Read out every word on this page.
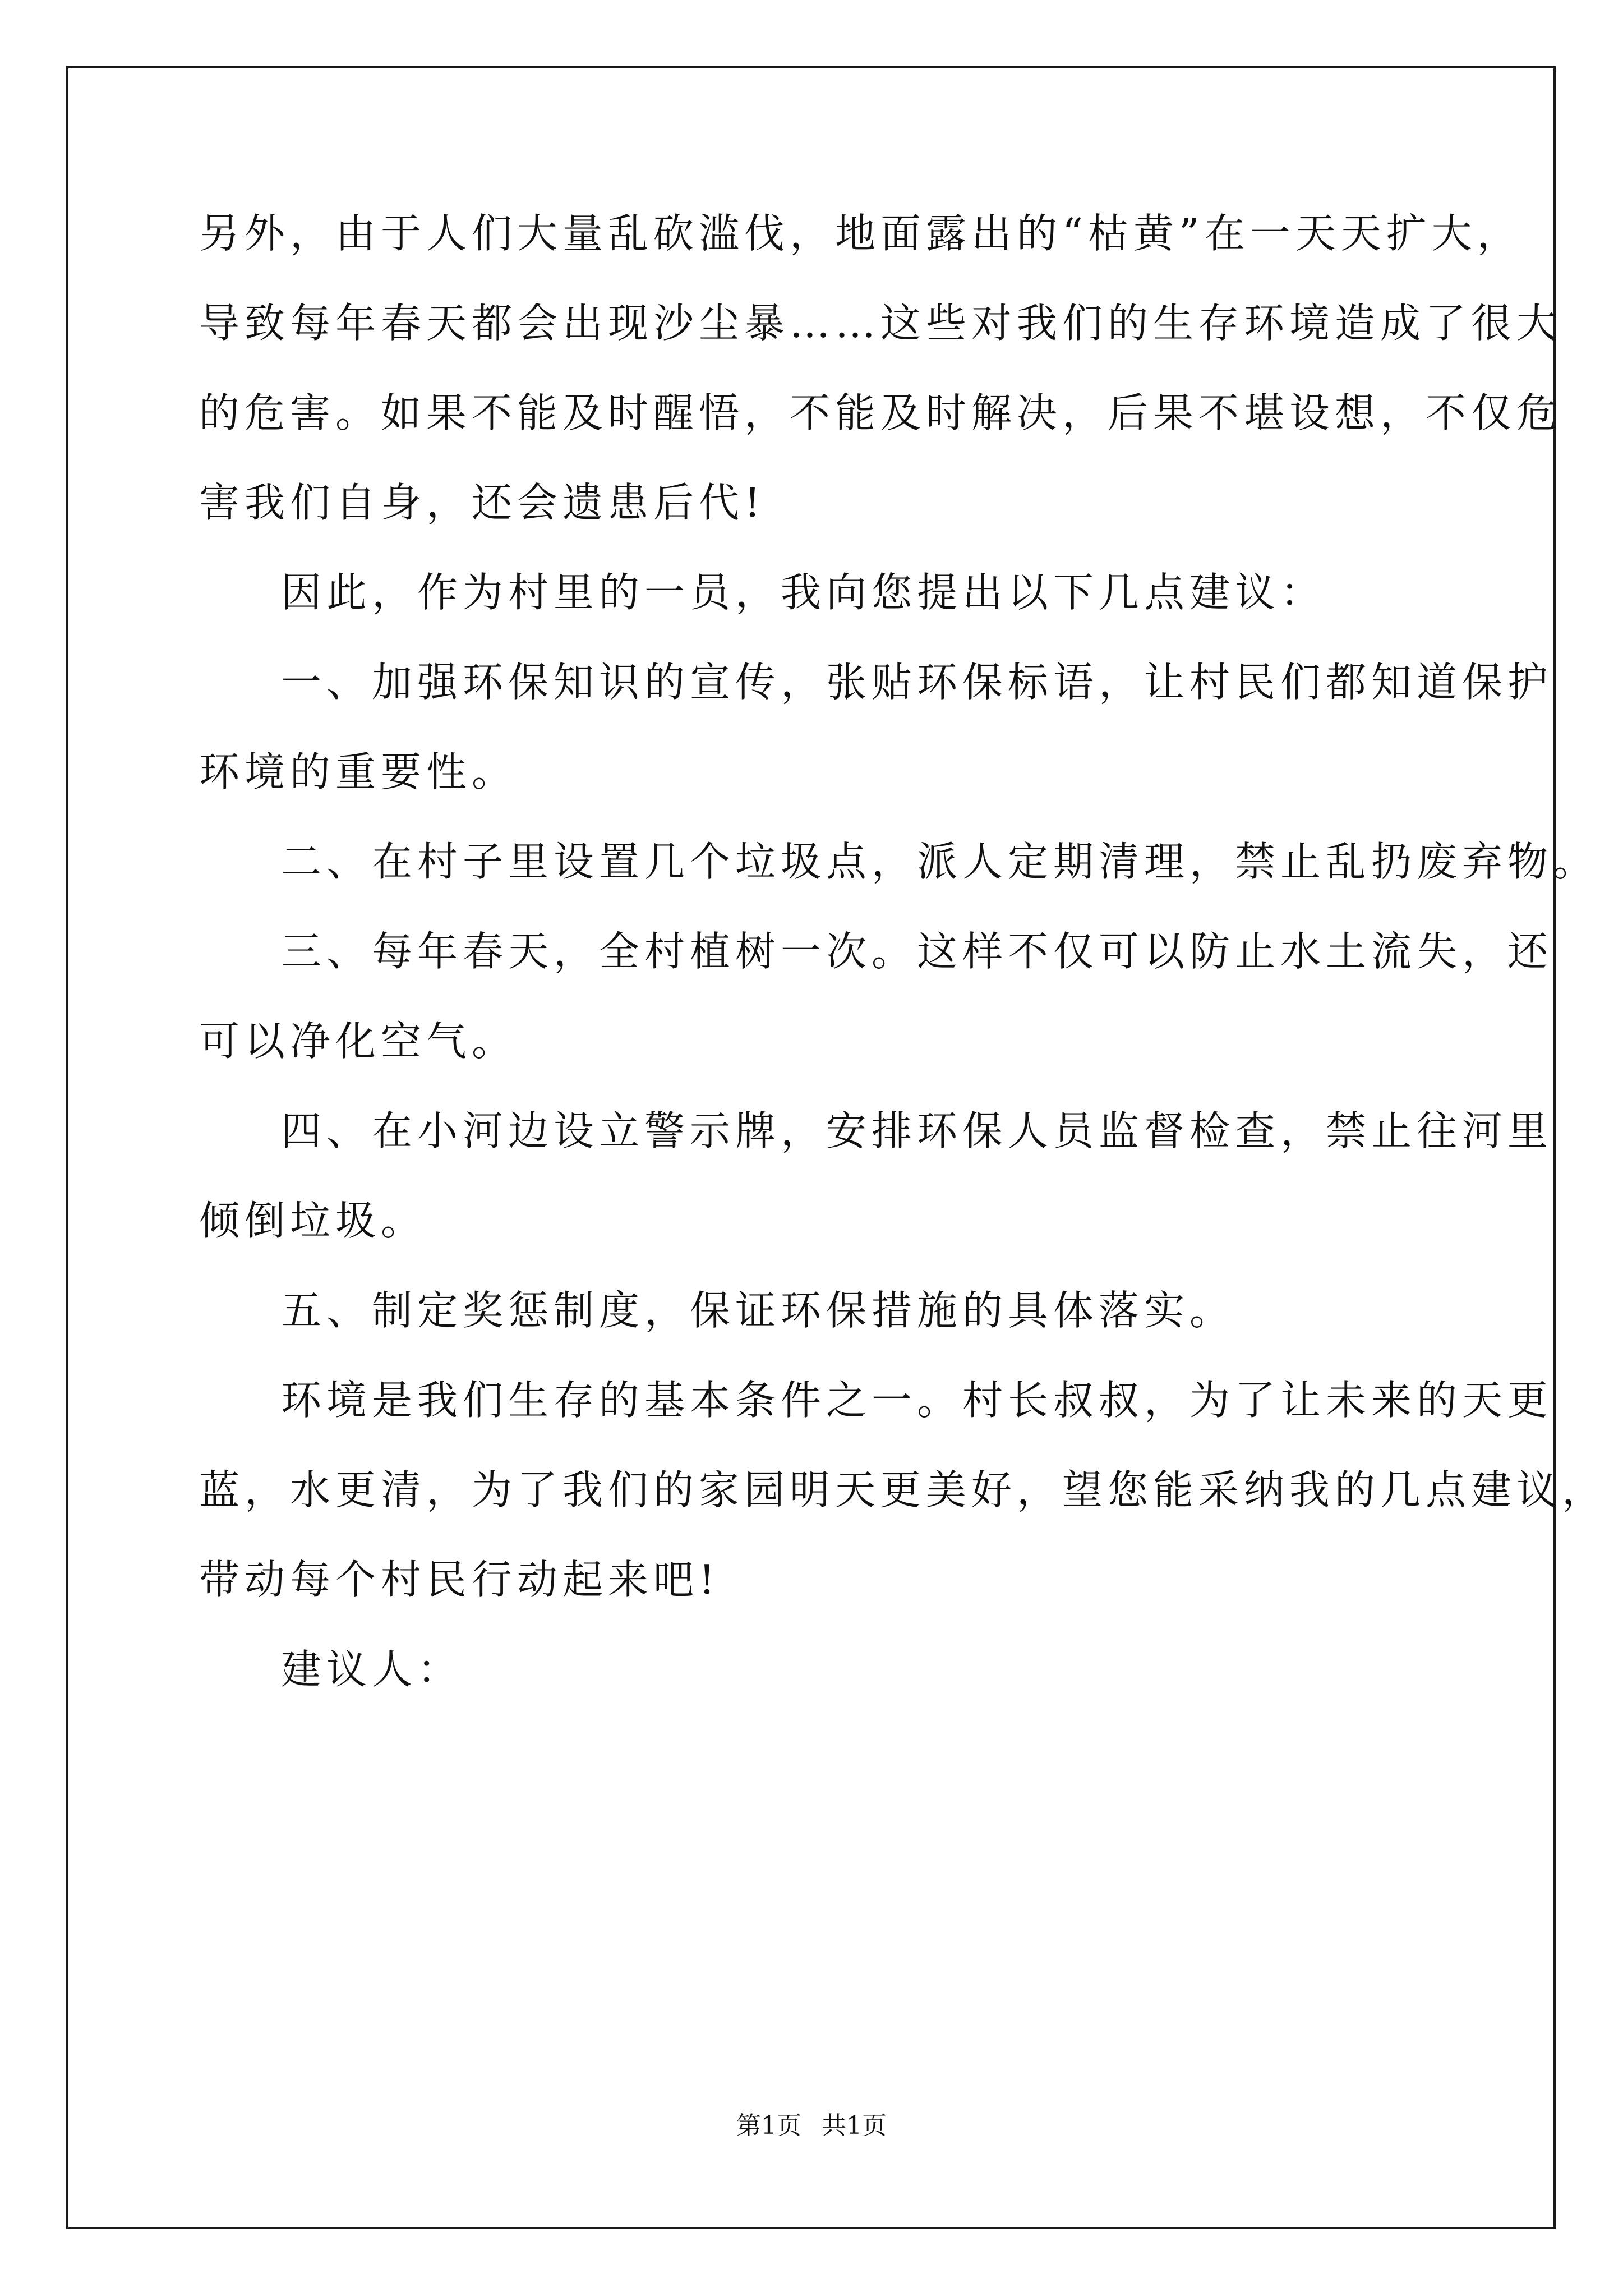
另外，由于人们大量乱砍滥伐，地面露出的“枯黄”在一天天扩大，
导致每年春天都会出现沙尘暴……这些对我们的生存环境造成了很大
的危害。如果不能及时醒悟，不能及时解决，后果不堪设想，不仅危
害我们自身，还会遗患后代!
因此，作为村里的一员，我向您提出以下几点建议：
一、加强环保知识的宣传，张贴环保标语，让村民们都知道保护
环境的重要性。
二、在村子里设置几个垃圾点，派人定期清理，禁止乱扔废弃物。
三、每年春天，全村植树一次。这样不仅可以防止水土流失，还
可以净化空气。
四、在小河边设立警示牌，安排环保人员监督检查，禁止往河里
倾倒垃圾。
五、制定奖惩制度，保证环保措施的具体落实。
环境是我们生存的基本条件之一。村长叔叔，为了让未来的天更
蓝，水更清，为了我们的家园明天更美好，望您能采纳我的几点建议，
带动每个村民行动起来吧!
建议人：
第1页 共1页
